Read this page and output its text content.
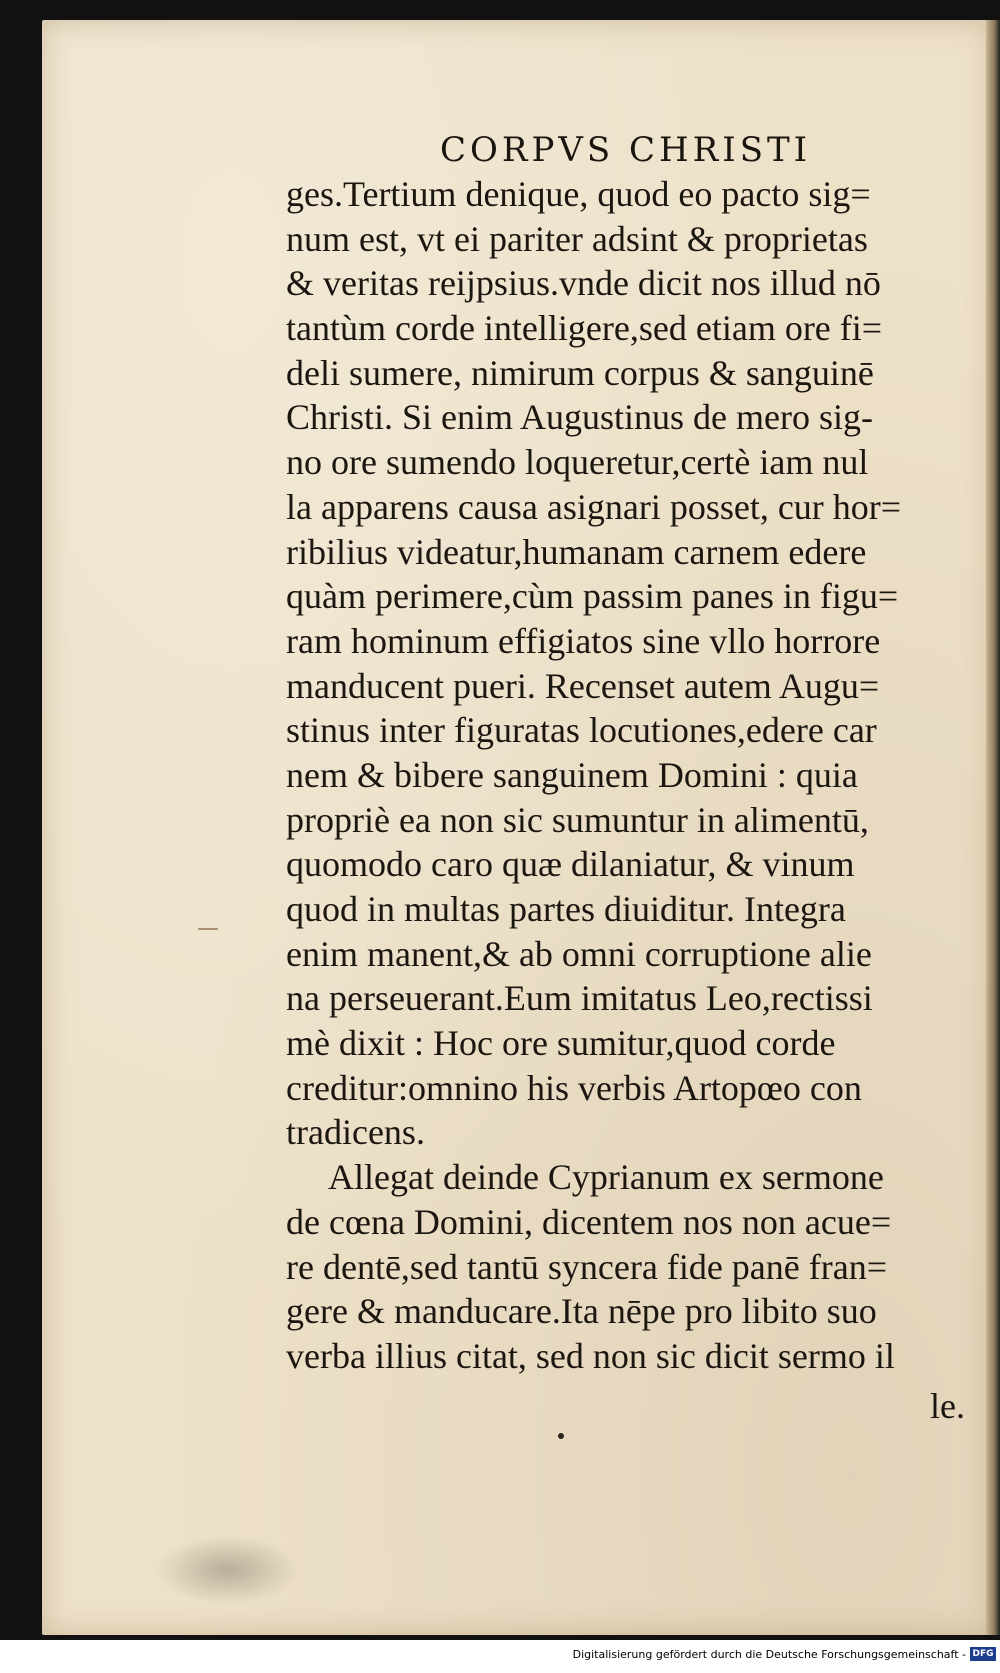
CORPVS CHRISTI
ges.Tertium denique, quod eo pacto sig=
num est, vt ei pariter adsint & proprietas
& veritas reijpsius.vnde dicit nos illud nō
tantùm corde intelligere,sed etiam ore fi=
deli sumere, nimirum corpus & sanguinē
Christi. Si enim Augustinus de mero sig-
no ore sumendo loqueretur,certè iam nul
la apparens causa asignari posset, cur hor=
ribilius videatur,humanam carnem edere
quàm perimere,cùm passim panes in figu=
ram hominum effigiatos sine vllo horrore
manducent pueri. Recenset autem Augu=
stinus inter figuratas locutiones,edere car
nem & bibere sanguinem Domini : quia
propriè ea non sic sumuntur in alimentū,
quomodo caro quæ dilaniatur, & vinum
quod in multas partes diuiditur. Integra
enim manent,& ab omni corruptione alie
na perseuerant.Eum imitatus Leo,rectissi
mè dixit : Hoc ore sumitur,quod corde
creditur:omnino his verbis Artopœo con
tradicens.
Allegat deinde Cyprianum ex sermone
de cœna Domini, dicentem nos non acue=
re dentē,sed tantū syncera fide panē fran=
gere & manducare.Ita nēpe pro libito suo
verba illius citat, sed non sic dicit sermo il
le.
Digitalisierung gefördert durch die Deutsche Forschungsgemeinschaft - DFG
